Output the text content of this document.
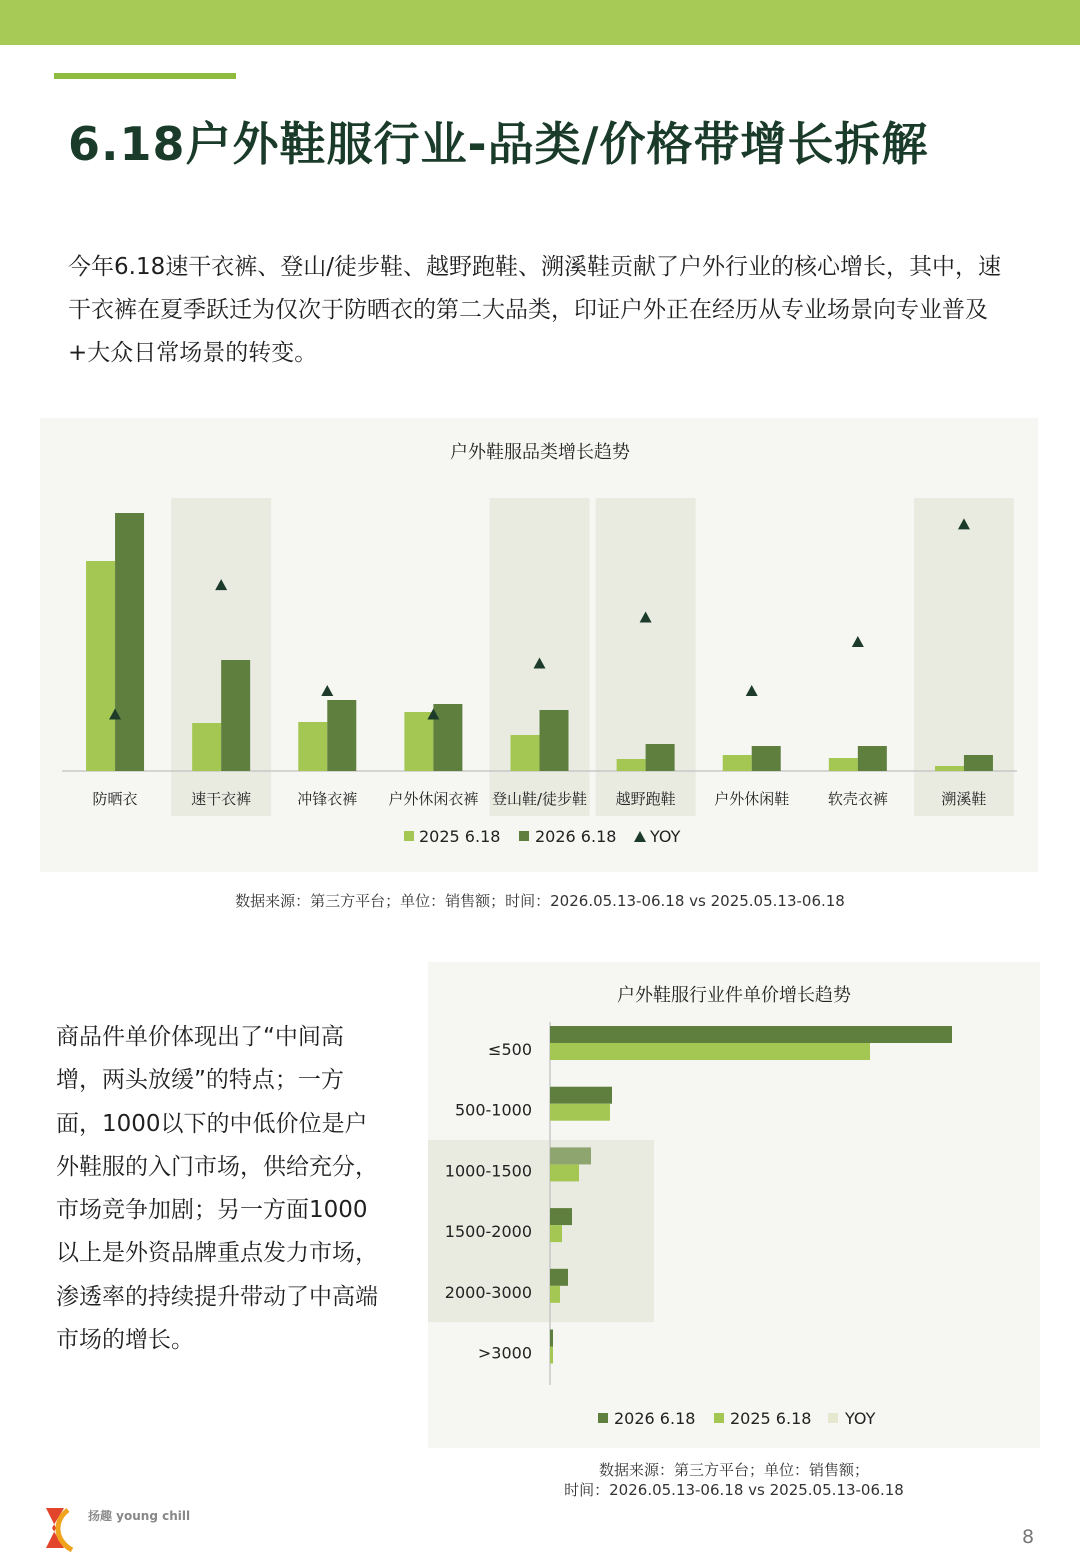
6.18户外鞋服行业-品类/价格带增长拆解
今年6.18速干衣裤、登山/徒步鞋、越野跑鞋、溯溪鞋贡献了户外行业的核心增长，其中，速干衣裤在夏季跃迁为仅次于防晒衣的第二大品类，印证户外正在经历从专业场景向专业普及+大众日常场景的转变。
户外鞋服品类增长趋势
防晒衣	速干衣裤	冲锋衣裤 户外休闲衣裤 登山鞋/徒步鞋 越野跑鞋	户外休闲鞋	软壳衣裤	溯溪鞋
2025 6.18 2026 6.18 YOY
数据来源：第三方平台；单位：销售额；时间：2026.05.13-06.18 vs 2025.05.13-06.18
商品件单价体现出了“中间高增，两头放缓”的特点；一方面，1000以下的中低价位是户外鞋服的入门市场，供给充分，市场竞争加剧；另一方面1000以上是外资品牌重点发力市场，渗透率的持续提升带动了中高端市场的增长。
户外鞋服行业件单价增长趋势
≤500
500-1000
1000-1500
1500-2000
2000-3000
>3000
2026 6.18 2025 6.18 YOY
数据来源：第三方平台；单位：销售额；
时间：2026.05.13-06.18 vs 2025.05.13-06.18
扬趣 young chill
8
